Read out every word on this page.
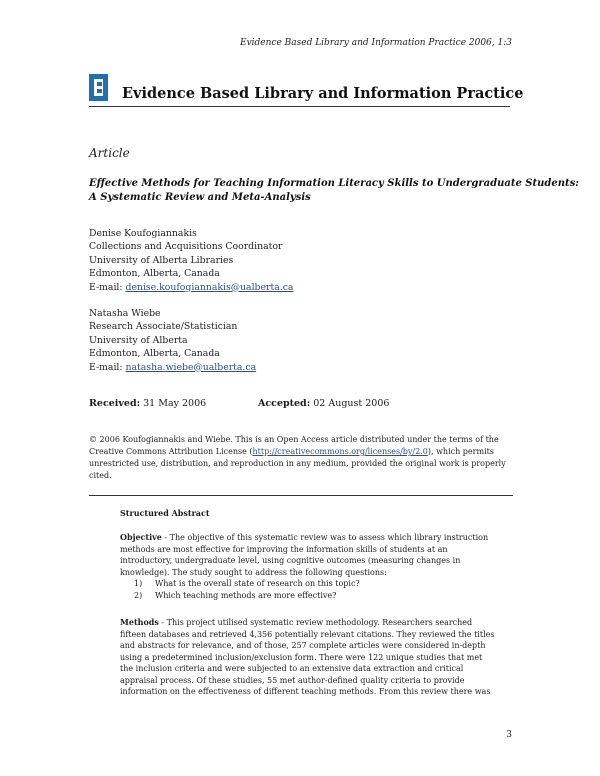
Evidence Based Library and Information Practice 2006, 1:3
Evidence Based Library and Information Practice
Article
Effective Methods for Teaching Information Literacy Skills to Undergraduate Students:
A Systematic Review and Meta-Analysis
Denise Koufogiannakis
Collections and Acquisitions Coordinator
University of Alberta Libraries
Edmonton, Alberta, Canada
E-mail: denise.koufogiannakis@ualberta.ca
Natasha Wiebe
Research Associate/Statistician
University of Alberta
Edmonton, Alberta, Canada
E-mail: natasha.wiebe@ualberta.ca
Received: 31 May 2006	Accepted: 02 August 2006
© 2006 Koufogiannakis and Wiebe. This is an Open Access article distributed under the terms of the
Creative Commons Attribution License (http://creativecommons.org/licenses/by/2.0), which permits
unrestricted use, distribution, and reproduction in any medium, provided the original work is properly
cited.
Structured Abstract
Objective - The objective of this systematic review was to assess which library instruction
methods are most effective for improving the information skills of students at an
introductory, undergraduate level, using cognitive outcomes (measuring changes in
knowledge). The study sought to address the following questions:
1) What is the overall state of research on this topic?
2) Which teaching methods are more effective?
Methods - This project utilised systematic review methodology. Researchers searched
fifteen databases and retrieved 4,356 potentially relevant citations. They reviewed the titles
and abstracts for relevance, and of those, 257 complete articles were considered in-depth
using a predetermined inclusion/exclusion form. There were 122 unique studies that met
the inclusion criteria and were subjected to an extensive data extraction and critical
appraisal process. Of these studies, 55 met author-defined quality criteria to provide
information on the effectiveness of different teaching methods. From this review there was
3
